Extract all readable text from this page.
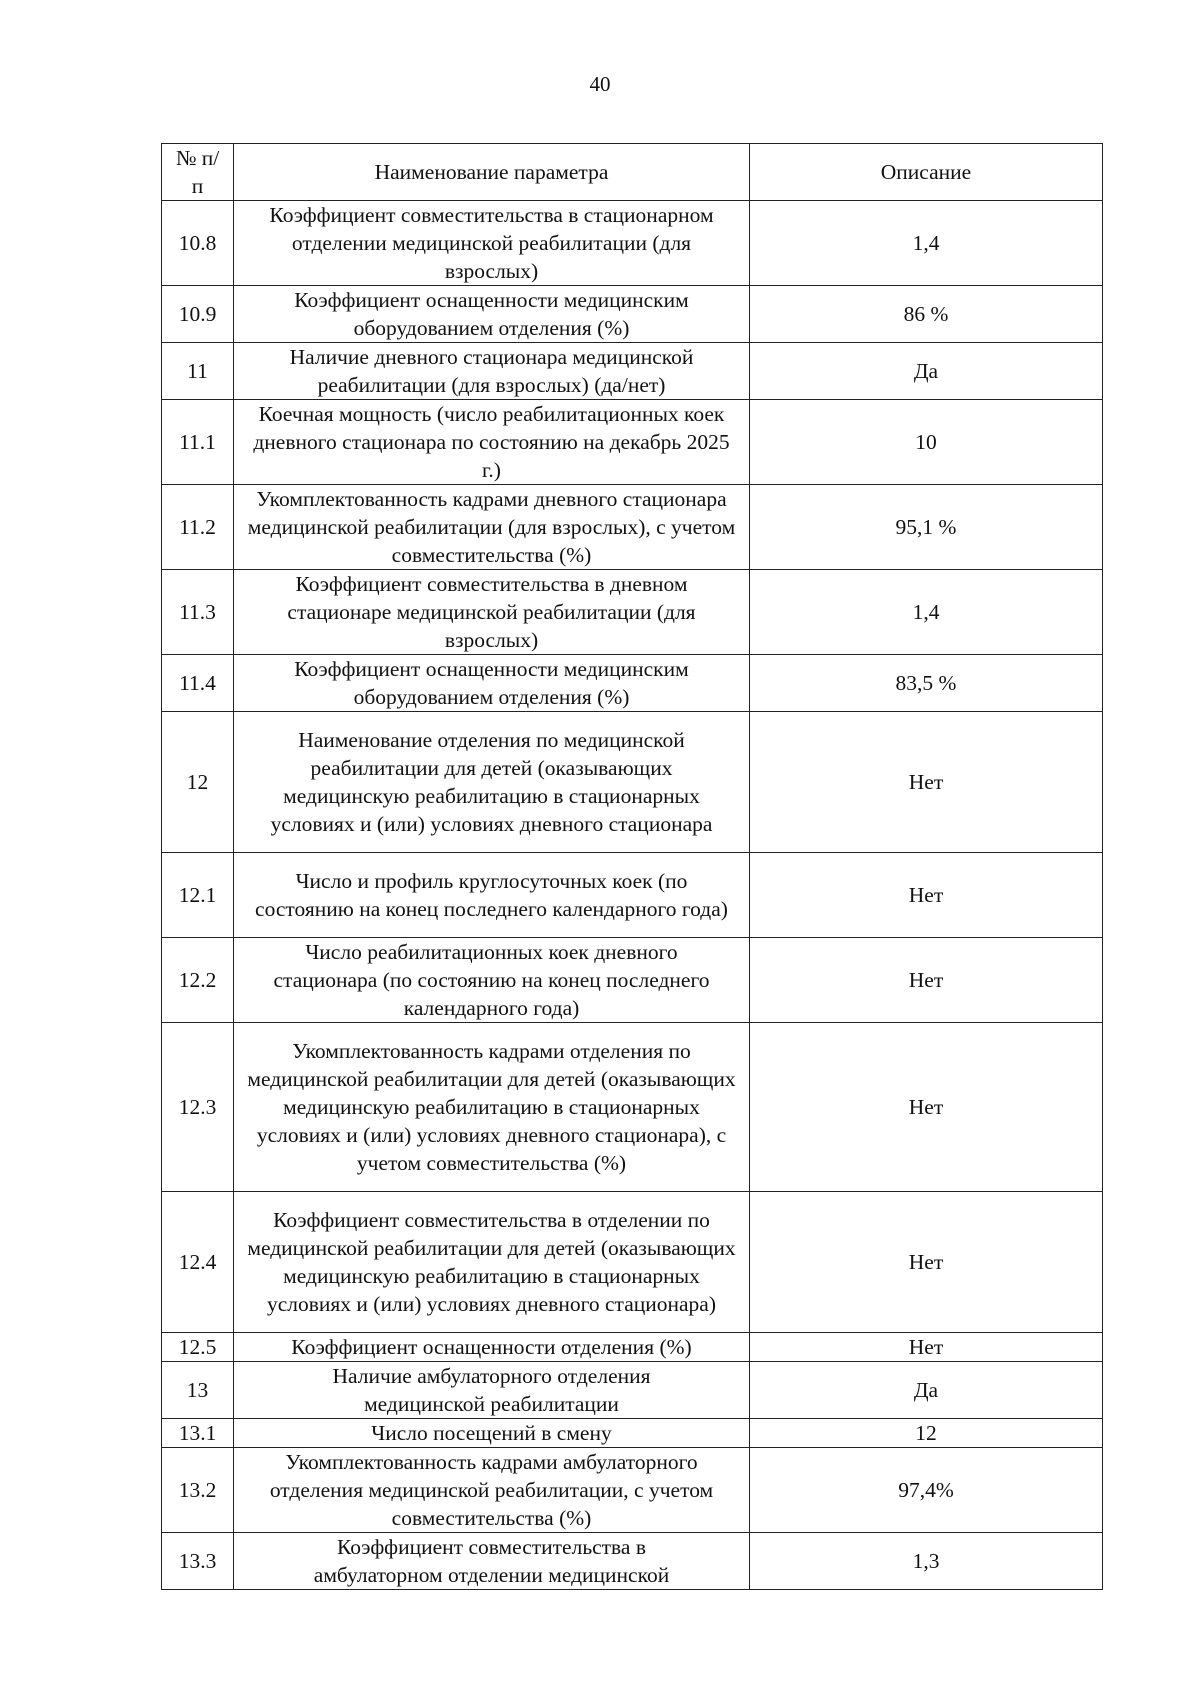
40
№ п/п	Наименование параметра	Описание
10.8	Коэффициент совместительства в стационарном отделении медицинской реабилитации (для взрослых)	1,4
10.9	Коэффициент оснащенности медицинским оборудованием отделения (%)	86 %
11	Наличие дневного стационара медицинской реабилитации (для взрослых) (да/нет)	Да
11.1	Коечная мощность (число реабилитационных коек дневного стационара по состоянию на декабрь 2025 г.)	10
11.2	Укомплектованность кадрами дневного стационара медицинской реабилитации (для взрослых), с учетом совместительства (%)	95,1 %
11.3	Коэффициент совместительства в дневном стационаре медицинской реабилитации (для взрослых)	1,4
11.4	Коэффициент оснащенности медицинским оборудованием отделения (%)	83,5 %
12	Наименование отделения по медицинской реабилитации для детей (оказывающих медицинскую реабилитацию в стационарных условиях и (или) условиях дневного стационара	Нет
12.1	Число и профиль круглосуточных коек (по состоянию на конец последнего календарного года)	Нет
12.2	Число реабилитационных коек дневного стационара (по состоянию на конец последнего календарного года)	Нет
12.3	Укомплектованность кадрами отделения по медицинской реабилитации для детей (оказывающих медицинскую реабилитацию в стационарных условиях и (или) условиях дневного стационара), с учетом совместительства (%)	Нет
12.4	Коэффициент совместительства в отделении по медицинской реабилитации для детей (оказывающих медицинскую реабилитацию в стационарных условиях и (или) условиях дневного стационара)	Нет
12.5	Коэффициент оснащенности отделения (%)	Нет
13	Наличие амбулаторного отделения медицинской реабилитации	Да
13.1	Число посещений в смену	12
13.2	Укомплектованность кадрами амбулаторного отделения медицинской реабилитации, с учетом совместительства (%)	97,4%
13.3	Коэффициент совместительства в амбулаторном отделении медицинской	1,3
